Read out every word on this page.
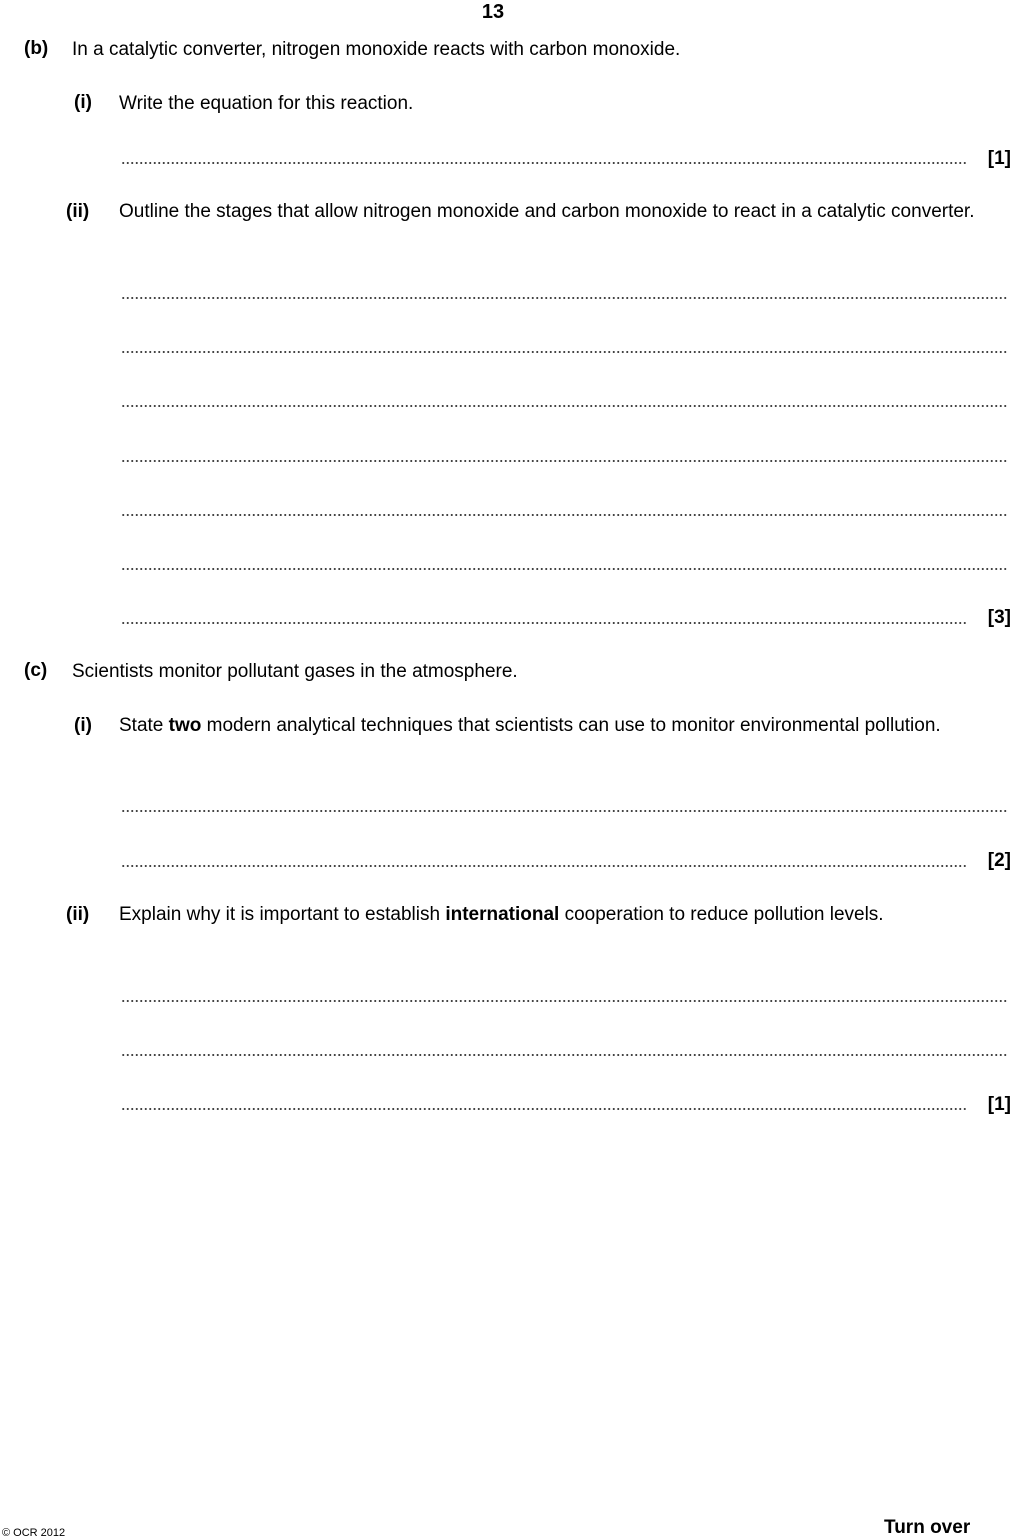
13
(b) In a catalytic converter, nitrogen monoxide reacts with carbon monoxide.
(i) Write the equation for this reaction.
[1]
(ii) Outline the stages that allow nitrogen monoxide and carbon monoxide to react in a catalytic converter.
[3]
(c) Scientists monitor pollutant gases in the atmosphere.
(i) State two modern analytical techniques that scientists can use to monitor environmental pollution.
[2]
(ii) Explain why it is important to establish international cooperation to reduce pollution levels.
[1]
© OCR 2012	Turn over
